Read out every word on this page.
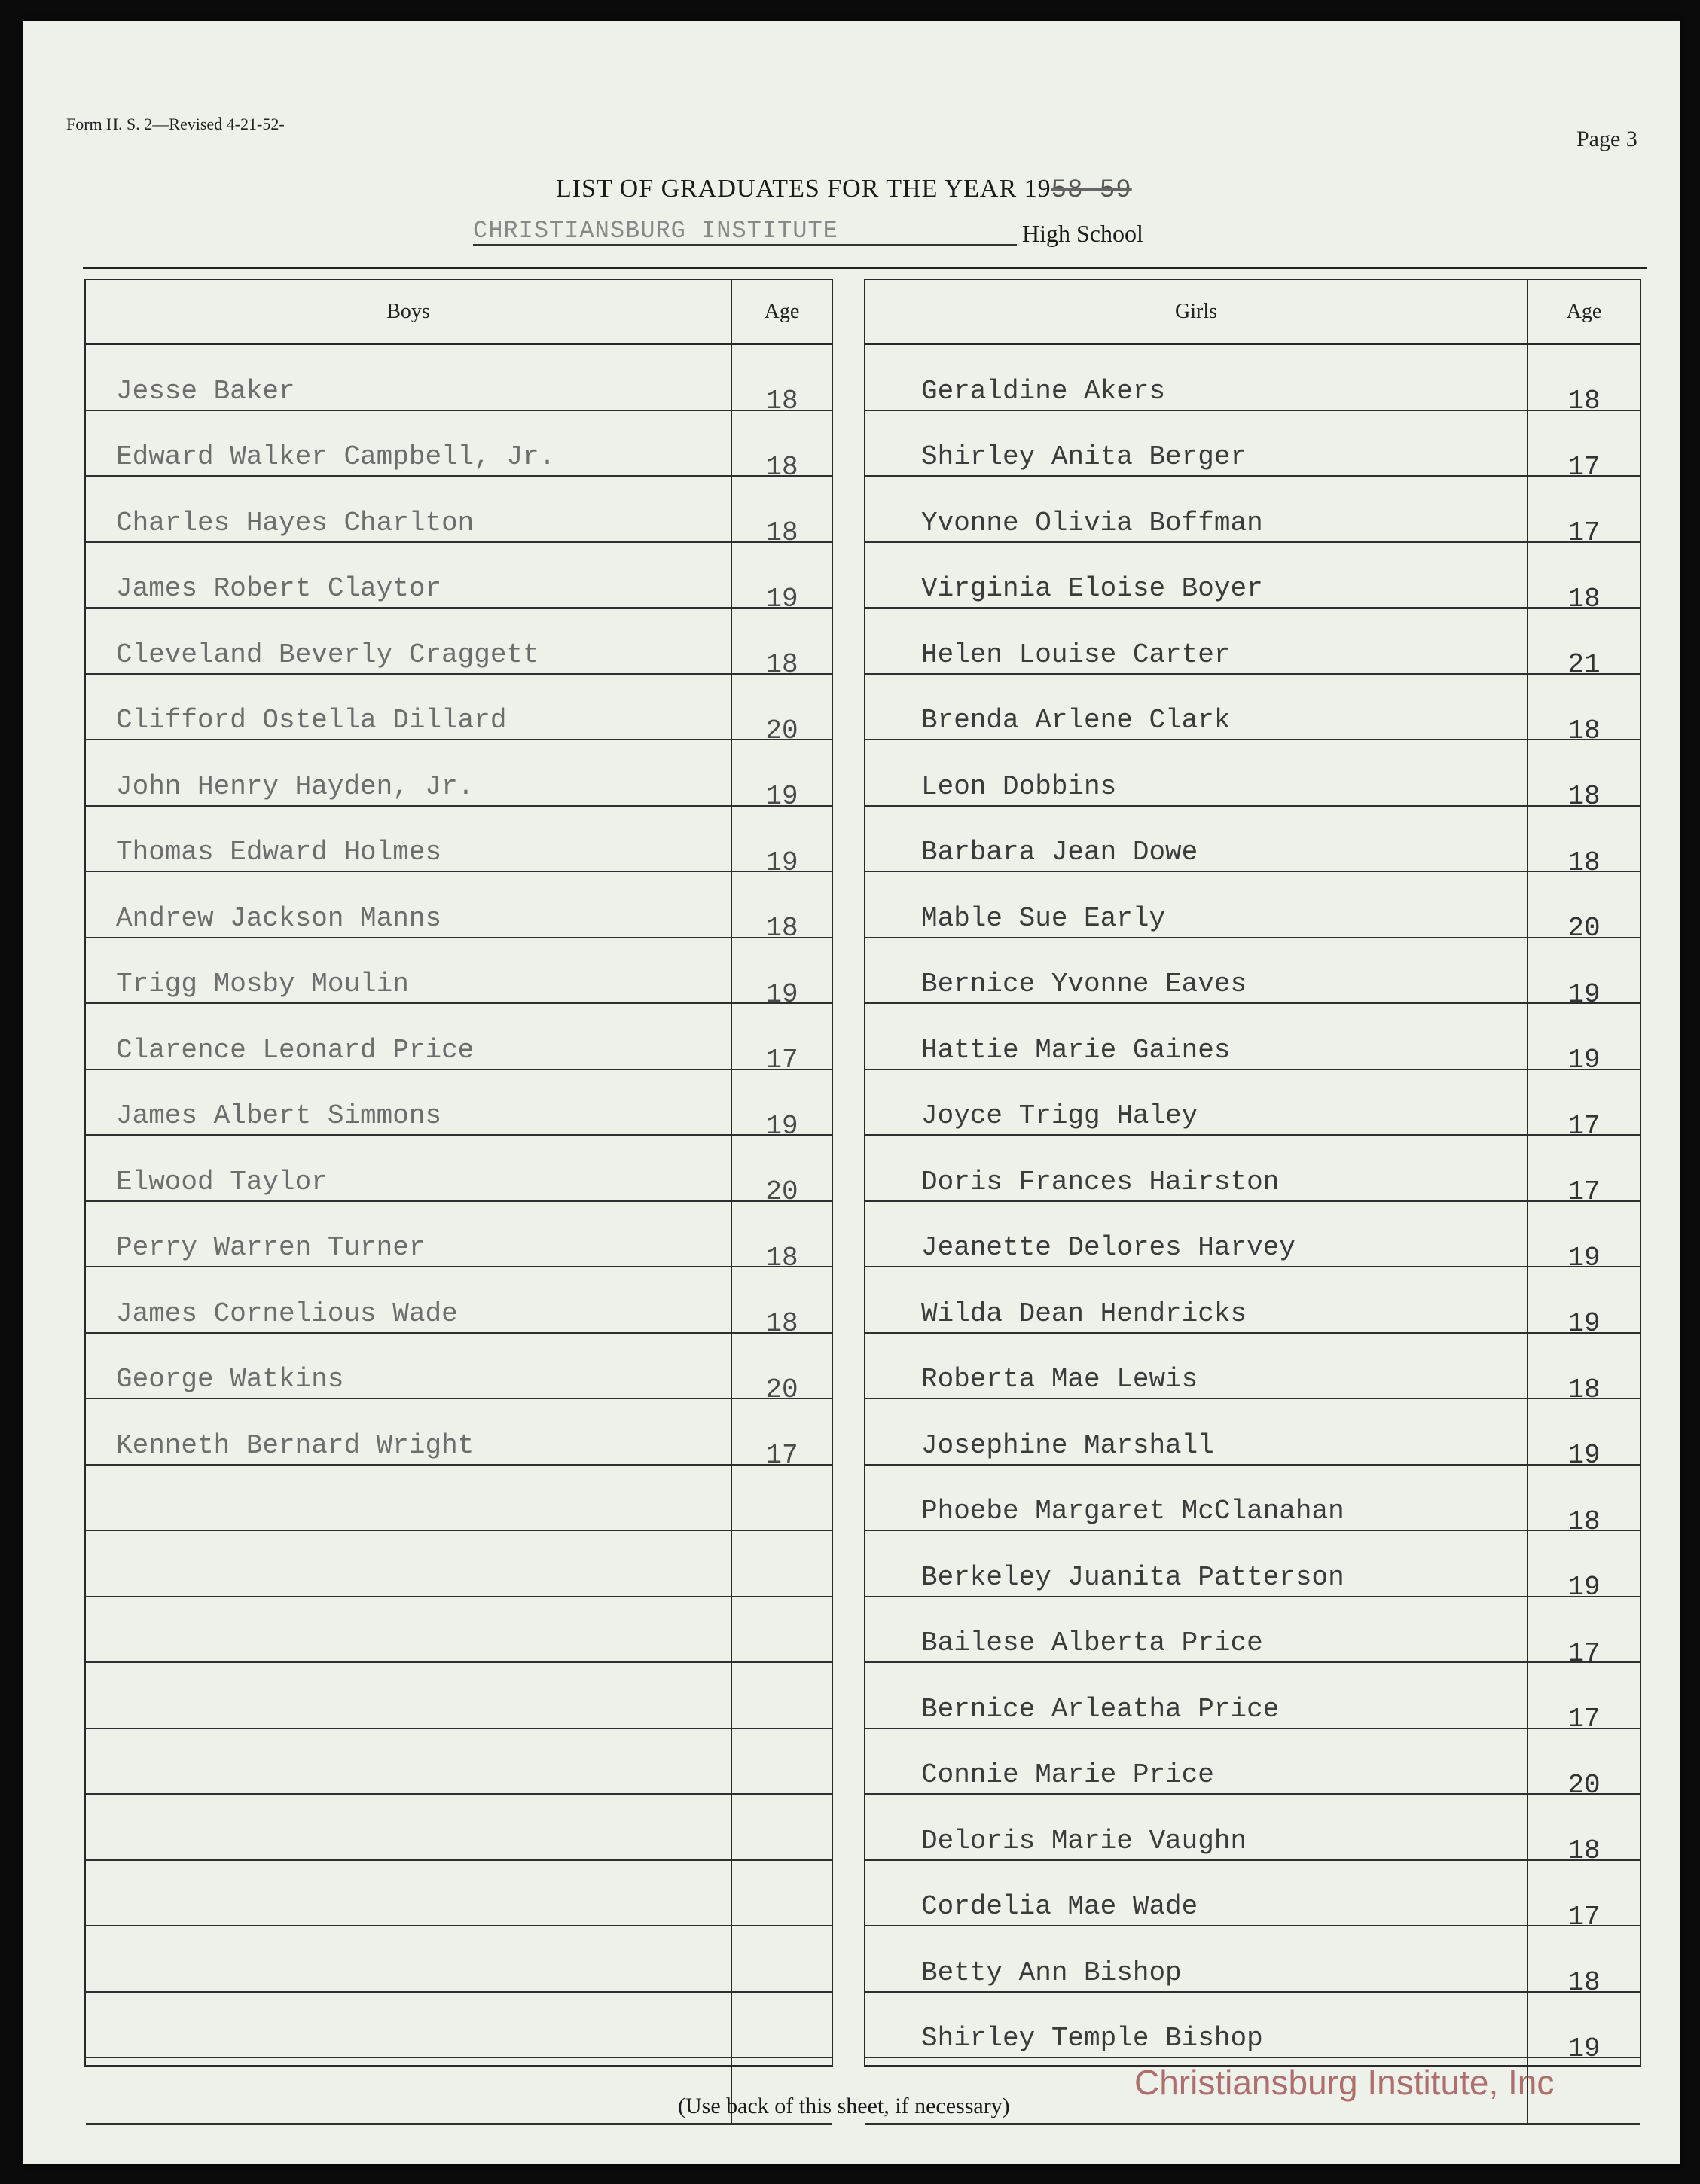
Form H. S. 2—Revised 4-21-52-
Page 3
LIST OF GRADUATES FOR THE YEAR 1958-59
CHRISTIANSBURG INSTITUTE	High School
Boys	Age
Jesse Baker	18
Edward Walker Campbell, Jr.	18
Charles Hayes Charlton	18
James Robert Claytor	19
Cleveland Beverly Craggett	18
Clifford Ostella Dillard	20
John Henry Hayden, Jr.	19
Thomas Edward Holmes	19
Andrew Jackson Manns	18
Trigg Mosby Moulin	19
Clarence Leonard Price	17
James Albert Simmons	19
Elwood Taylor	20
Perry Warren Turner	18
James Cornelious Wade	18
George Watkins	20
Kenneth Bernard Wright	17
Girls	Age
Geraldine Akers	18
Shirley Anita Berger	17
Yvonne Olivia Boffman	17
Virginia Eloise Boyer	18
Helen Louise Carter	21
Brenda Arlene Clark	18
Leon Dobbins	18
Barbara Jean Dowe	18
Mable Sue Early	20
Bernice Yvonne Eaves	19
Hattie Marie Gaines	19
Joyce Trigg Haley	17
Doris Frances Hairston	17
Jeanette Delores Harvey	19
Wilda Dean Hendricks	19
Roberta Mae Lewis	18
Josephine Marshall	19
Phoebe Margaret McClanahan	18
Berkeley Juanita Patterson	19
Bailese Alberta Price	17
Bernice Arleatha Price	17
Connie Marie Price	20
Deloris Marie Vaughn	18
Cordelia Mae Wade	17
Betty Ann Bishop	18
Shirley Temple Bishop	19
(Use back of this sheet, if necessary)
Christiansburg Institute, Inc
